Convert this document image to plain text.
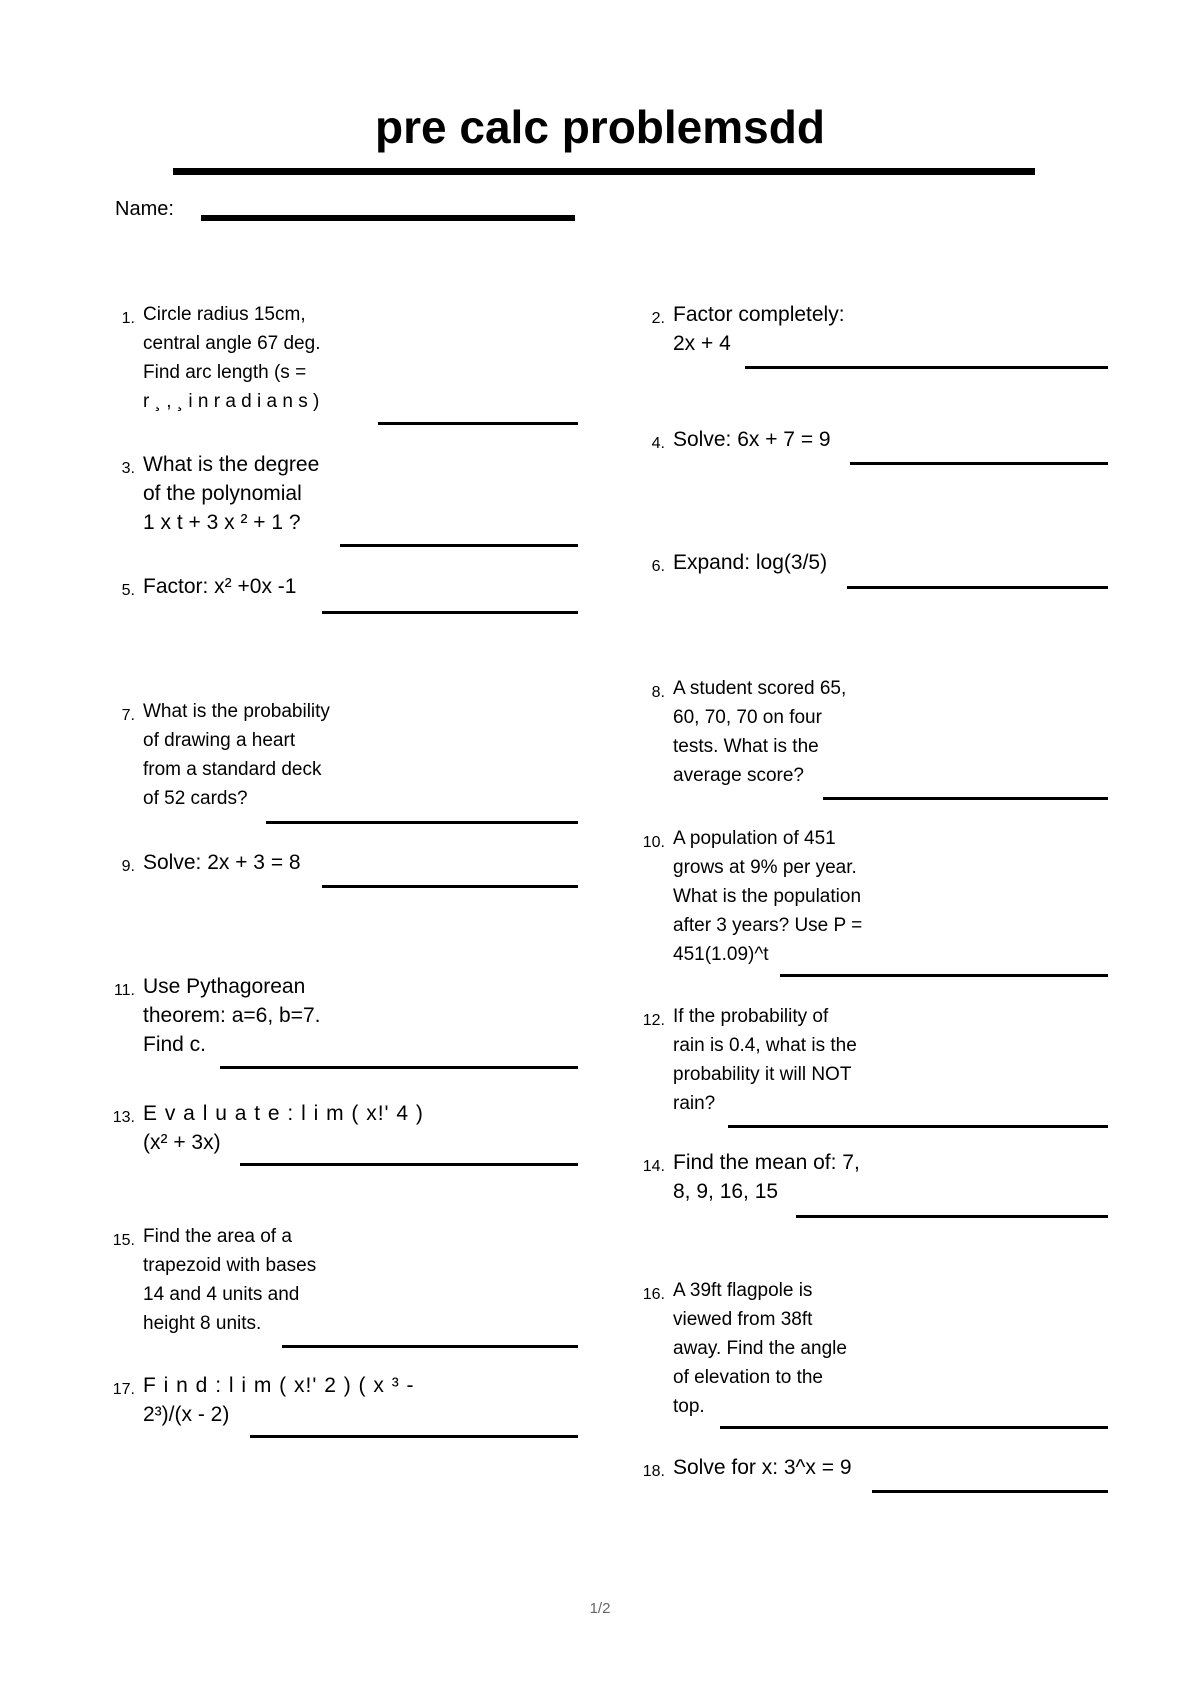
pre calc problemsdd
Name:
1. Circle radius 15cm,
central angle 67 deg.
Find arc length (s =
r ¸ , ¸ i n r a d i a n s )
2. Factor completely:
2x + 4
3. What is the degree
of the polynomial
1 x t + 3 x ² + 1 ?
4. Solve: 6x + 7 = 9
5. Factor: x² +0x -1
6. Expand: log(3/5)
7. What is the probability
of drawing a heart
from a standard deck
of 52 cards?
8. A student scored 65,
60, 70, 70 on four
tests. What is the
average score?
9. Solve: 2x + 3 = 8
10. A population of 451
grows at 9% per year.
What is the population
after 3 years? Use P =
451(1.09)^t
11. Use Pythagorean
theorem: a=6, b=7.
Find c.
12. If the probability of
rain is 0.4, what is the
probability it will NOT
rain?
13. E v a l u a t e : l i m ( x!' 4 )
(x² + 3x)
14. Find the mean of: 7,
8, 9, 16, 15
15. Find the area of a
trapezoid with bases
14 and 4 units and
height 8 units.
16. A 39ft flagpole is
viewed from 38ft
away. Find the angle
of elevation to the
top.
17. F i n d : l i m ( x!' 2 ) ( x ³ -
2³)/(x - 2)
18. Solve for x: 3^x = 9
1/2
